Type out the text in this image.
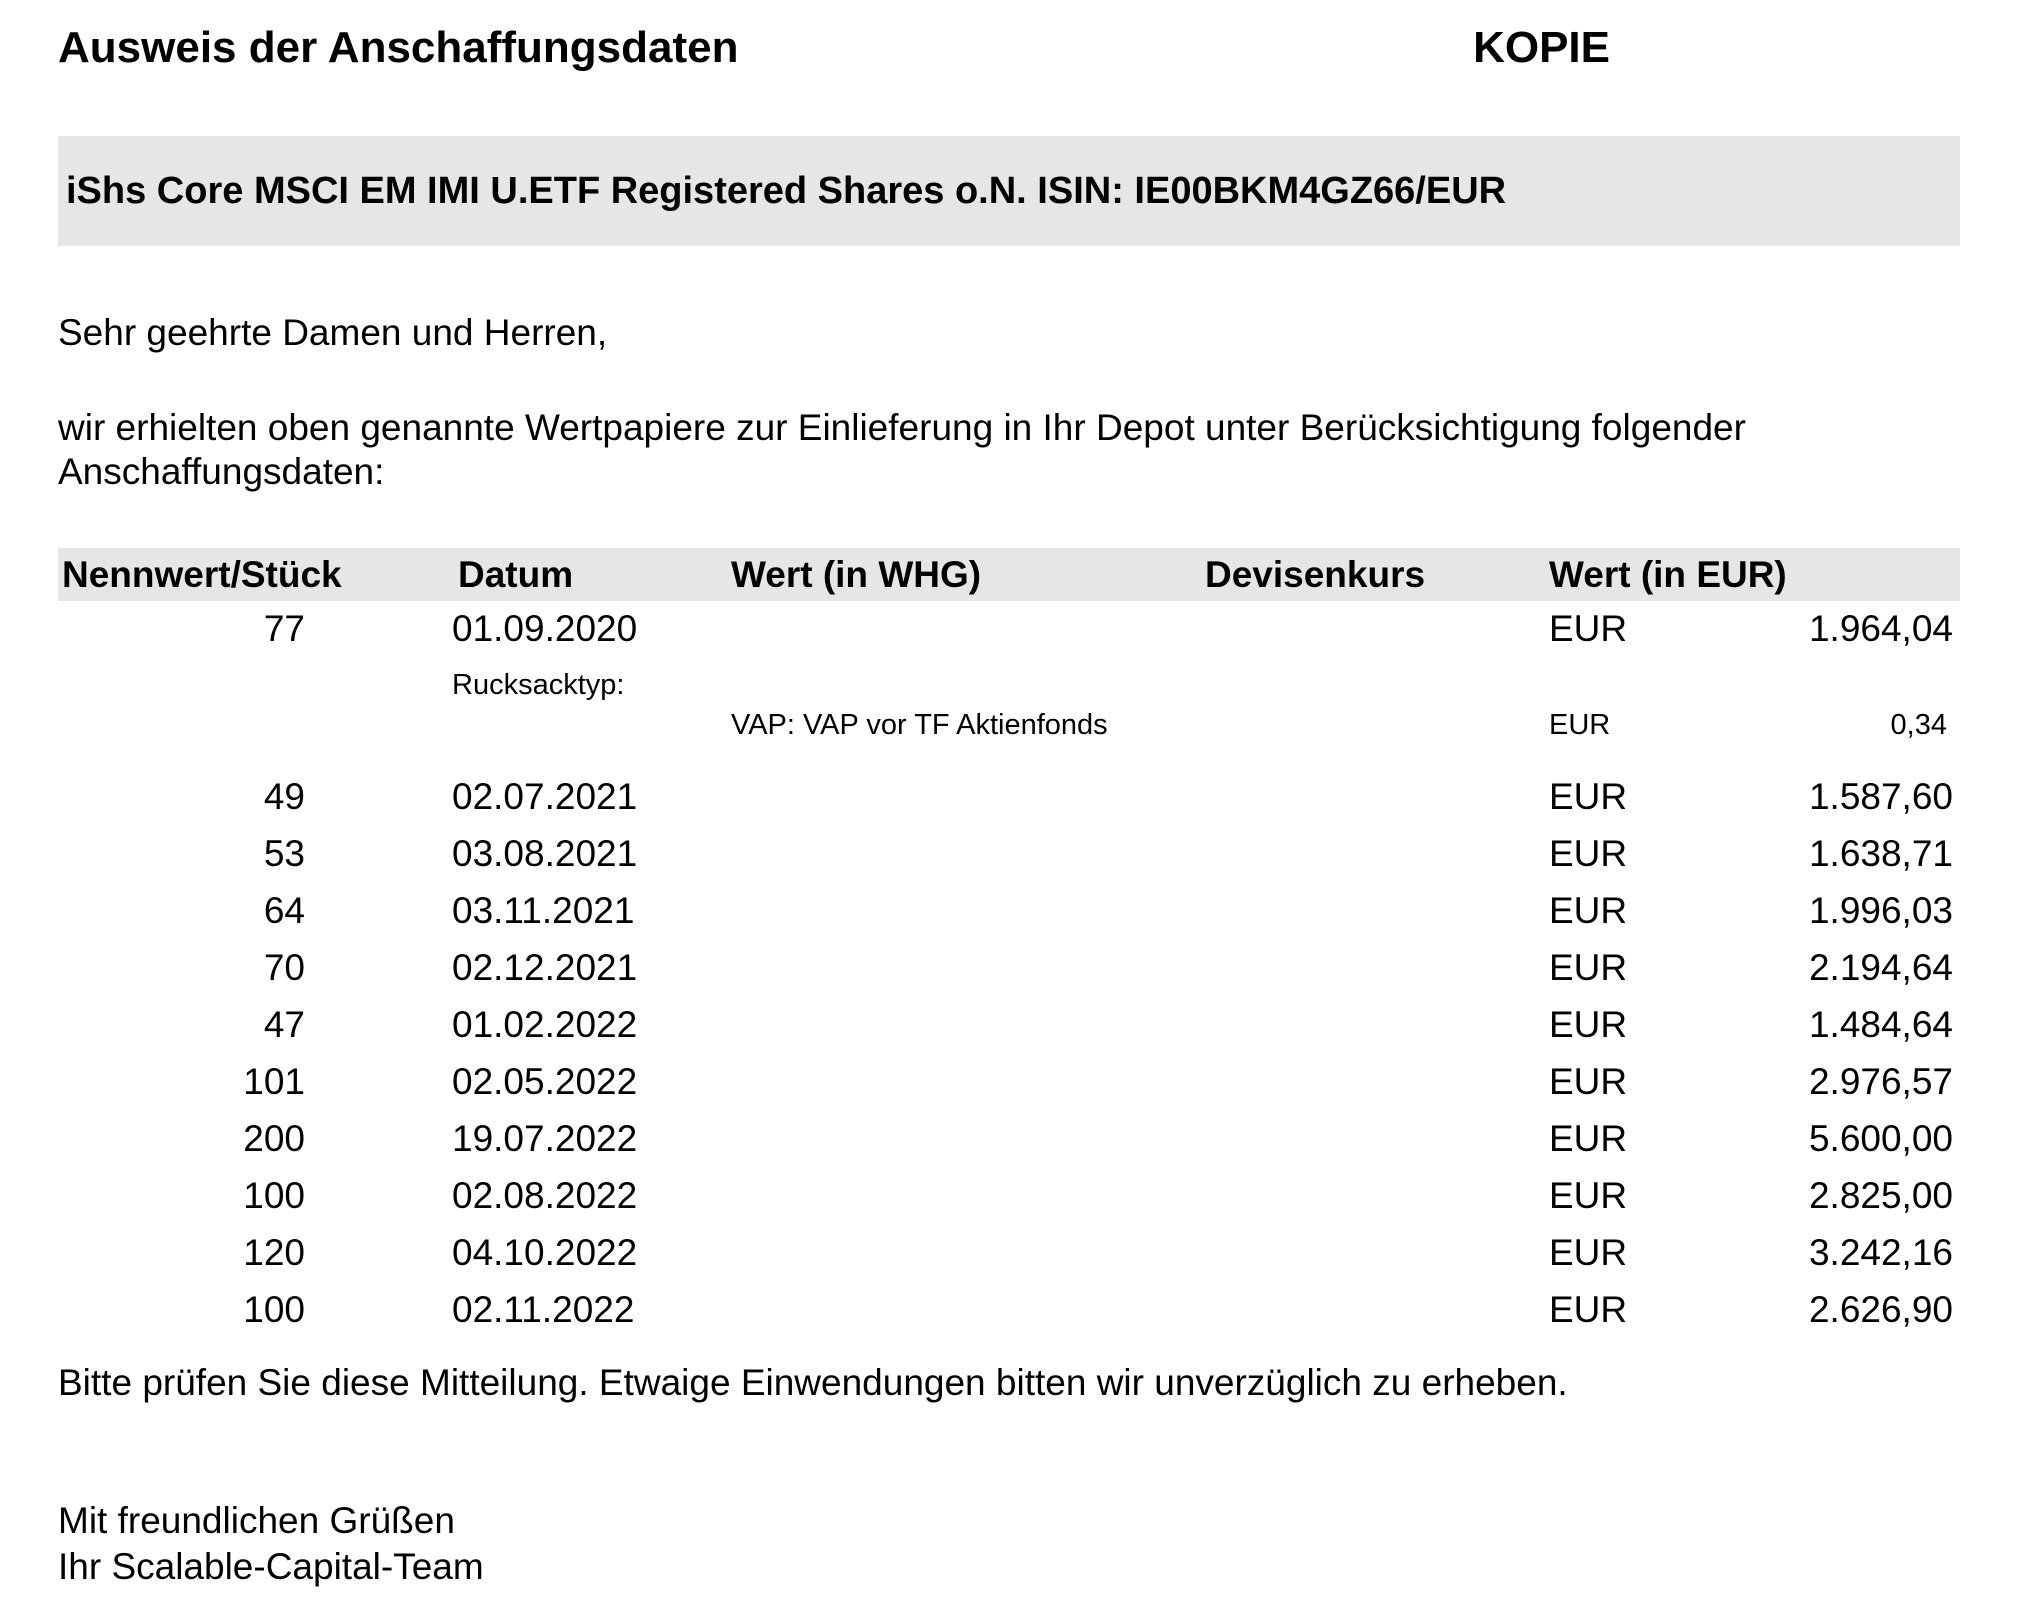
Ausweis der Anschaffungsdaten	KOPIE
iShs Core MSCI EM IMI U.ETF Registered Shares o.N. ISIN: IE00BKM4GZ66/EUR
Sehr geehrte Damen und Herren,
wir erhielten oben genannte Wertpapiere zur Einlieferung in Ihr Depot unter Berücksichtigung folgender
Anschaffungsdaten:
Nennwert/Stück	Datum	Wert (in WHG)	Devisenkurs	Wert (in EUR)
77	01.09.2020	EUR	1.964,04
Rucksacktyp:
VAP: VAP vor TF Aktienfonds	EUR	0,34
49	02.07.2021	EUR	1.587,60
53	03.08.2021	EUR	1.638,71
64	03.11.2021	EUR	1.996,03
70	02.12.2021	EUR	2.194,64
47	01.02.2022	EUR	1.484,64
101	02.05.2022	EUR	2.976,57
200	19.07.2022	EUR	5.600,00
100	02.08.2022	EUR	2.825,00
120	04.10.2022	EUR	3.242,16
100	02.11.2022	EUR	2.626,90
Bitte prüfen Sie diese Mitteilung. Etwaige Einwendungen bitten wir unverzüglich zu erheben.
Mit freundlichen Grüßen
Ihr Scalable-Capital-Team
